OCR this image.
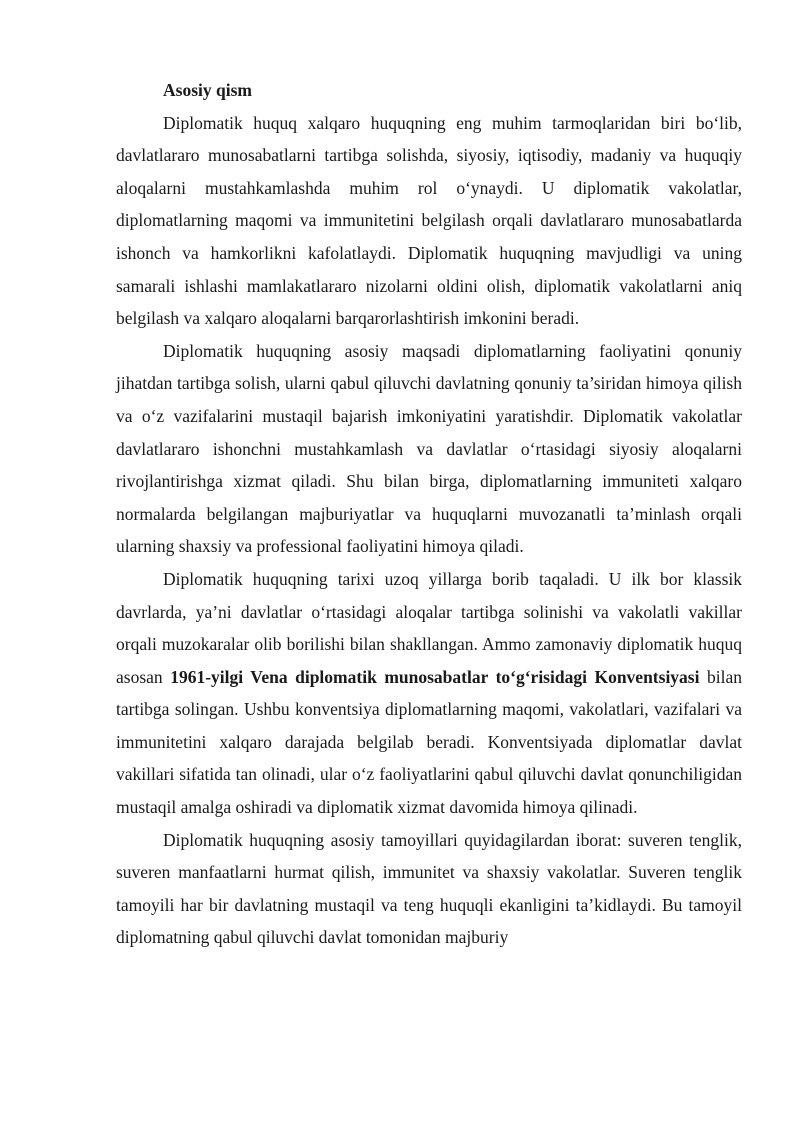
Asosiy qism

Diplomatik huquq xalqaro huquqning eng muhim tarmoqlaridan biri bo‘lib, davlatlararo munosabatlarni tartibga solishda, siyosiy, iqtisodiy, madaniy va huquqiy aloqalarni mustahkamlashda muhim rol o‘ynaydi. U diplomatik vakolatlar, diplomatlarning maqomi va immunitetini belgilash orqali davlatlararo munosabatlarda ishonch va hamkorlikni kafolatlaydi. Diplomatik huquqning mavjudligi va uning samarali ishlashi mamlakatlararo nizolarni oldini olish, diplomatik vakolatlarni aniq belgilash va xalqaro aloqalarni barqarorlashtirish imkonini beradi.

Diplomatik huquqning asosiy maqsadi diplomatlarning faoliyatini qonuniy jihatdan tartibga solish, ularni qabul qiluvchi davlatning qonuniy ta’siridan himoya qilish va o‘z vazifalarini mustaqil bajarish imkoniyatini yaratishdir. Diplomatik vakolatlar davlatlararo ishonchni mustahkamlash va davlatlar o‘rtasidagi siyosiy aloqalarni rivojlantirishga xizmat qiladi. Shu bilan birga, diplomatlarning immuniteti xalqaro normalarda belgilangan majburiyatlar va huquqlarni muvozanatli ta’minlash orqali ularning shaxsiy va professional faoliyatini himoya qiladi.

Diplomatik huquqning tarixi uzoq yillarga borib taqaladi. U ilk bor klassik davrlarda, ya’ni davlatlar o‘rtasidagi aloqalar tartibga solinishi va vakolatli vakillar orqali muzokaralar olib borilishi bilan shakllangan. Ammo zamonaviy diplomatik huquq asosan 1961-yilgi Vena diplomatik munosabatlar to‘g‘risidagi Konventsiyasi bilan tartibga solingan. Ushbu konventsiya diplomatlarning maqomi, vakolatlari, vazifalari va immunitetini xalqaro darajada belgilab beradi. Konventsiyada diplomatlar davlat vakillari sifatida tan olinadi, ular o‘z faoliyatlarini qabul qiluvchi davlat qonunchiligidan mustaqil amalga oshiradi va diplomatik xizmat davomida himoya qilinadi.

Diplomatik huquqning asosiy tamoyillari quyidagilardan iborat: suveren tenglik, suveren manfaatlarni hurmat qilish, immunitet va shaxsiy vakolatlar. Suveren tenglik tamoyili har bir davlatning mustaqil va teng huquqli ekanligini ta’kidlaydi. Bu tamoyil diplomatning qabul qiluvchi davlat tomonidan majburiy
